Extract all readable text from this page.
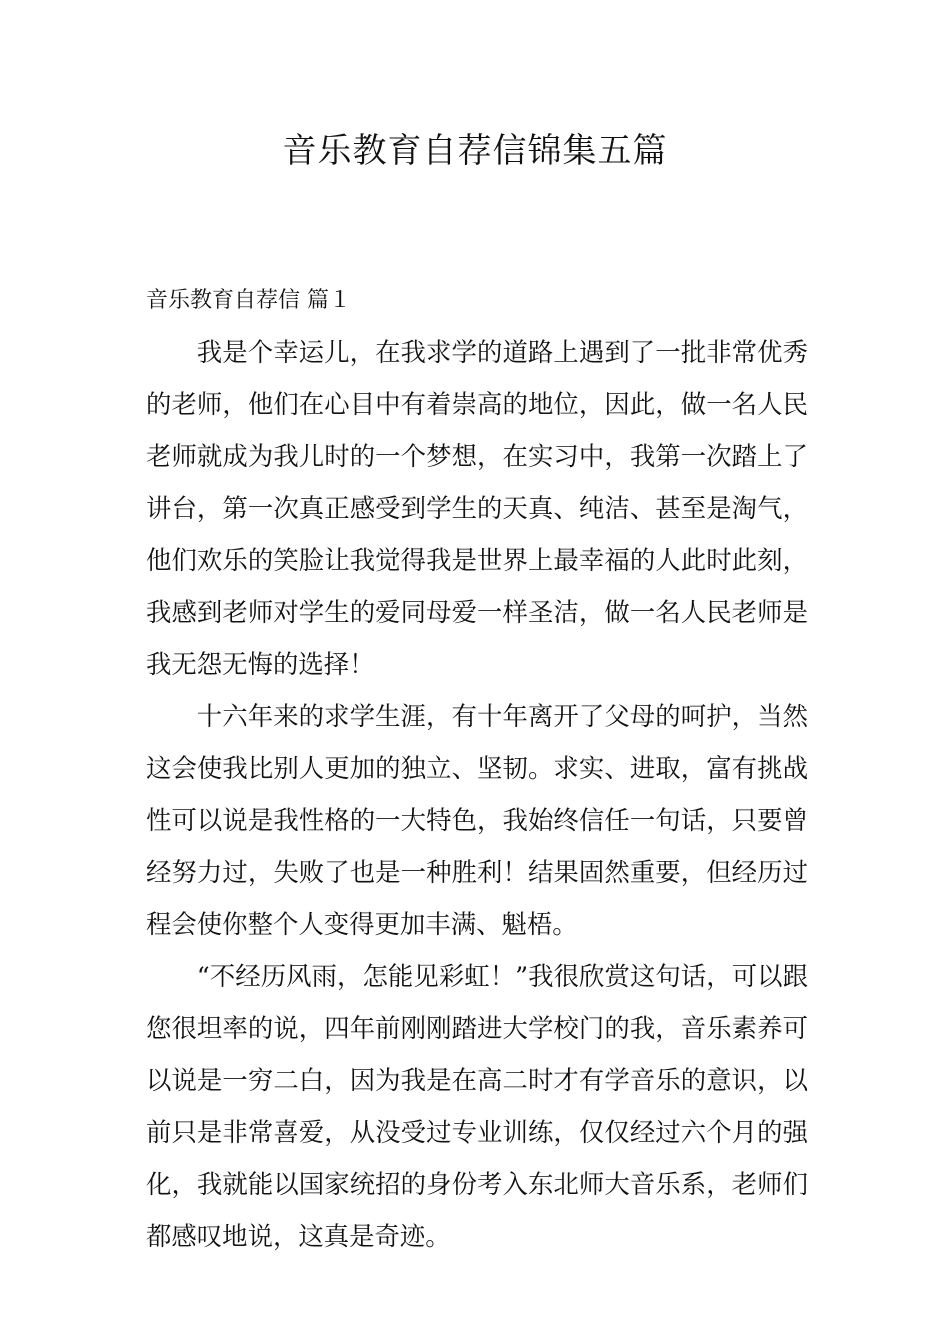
音乐教育自荐信锦集五篇

音乐教育自荐信 篇１

我是个幸运儿，在我求学的道路上遇到了一批非常优秀的老师，他们在心目中有着崇高的地位，因此，做一名人民老师就成为我儿时的一个梦想，在实习中，我第一次踏上了讲台，第一次真正感受到学生的天真、纯洁、甚至是淘气，他们欢乐的笑脸让我觉得我是世界上最幸福的人此时此刻，我感到老师对学生的爱同母爱一样圣洁，做一名人民老师是我无怨无悔的选择！

十六年来的求学生涯，有十年离开了父母的呵护，当然这会使我比别人更加的独立、坚韧。求实、进取，富有挑战性可以说是我性格的一大特色，我始终信任一句话，只要曾经努力过，失败了也是一种胜利！结果固然重要，但经历过程会使你整个人变得更加丰满、魁梧。

“不经历风雨，怎能见彩虹！”我很欣赏这句话，可以跟您很坦率的说，四年前刚刚踏进大学校门的我，音乐素养可以说是一穷二白，因为我是在高二时才有学音乐的意识，以前只是非常喜爱，从没受过专业训练，仅仅经过六个月的强化，我就能以国家统招的身份考入东北师大音乐系，老师们都感叹地说，这真是奇迹。
